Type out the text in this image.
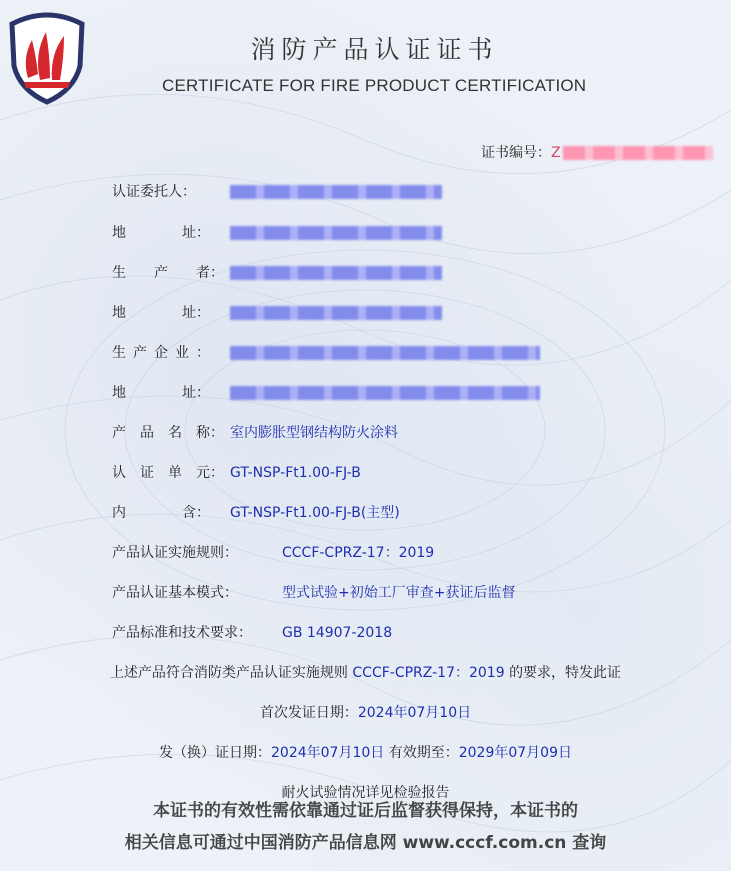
消防产品认证证书
CERTIFICATE FOR FIRE PRODUCT CERTIFICATION
证书编号：Z
认证委托人：
地　　　　址：
生　　产　　者：
地　　　　址：
生产企业：
地　　　　址：
产　品　名　称： 室内膨胀型钢结构防火涂料
认　证　单　元： GT-NSP-Ft1.00-FJ-B
内　　　　含： GT-NSP-Ft1.00-FJ-B(主型)
产品认证实施规则：	CCCF-CPRZ-17：2019
产品认证基本模式：	型式试验+初始工厂审查+获证后监督
产品标准和技术要求： GB 14907-2018
上述产品符合消防类产品认证实施规则 CCCF-CPRZ-17：2019 的要求，特发此证
首次发证日期：2024年07月10日
发（换）证日期：2024年07月10日 有效期至：2029年07月09日
耐火试验情况详见检验报告
本证书的有效性需依靠通过证后监督获得保持，本证书的
相关信息可通过中国消防产品信息网 www.cccf.com.cn 查询
